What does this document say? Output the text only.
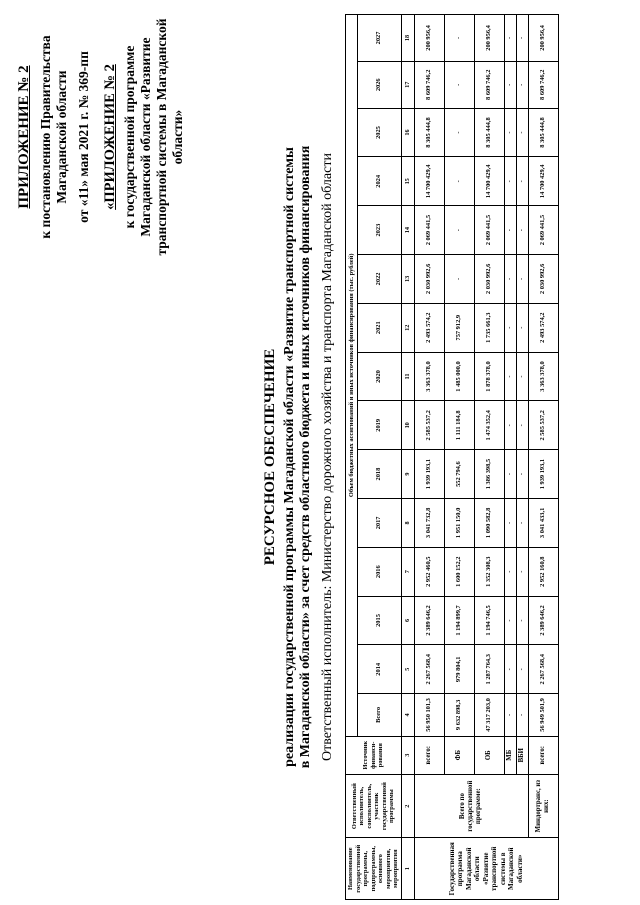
ПРИЛОЖЕНИЕ № 2 к постановлению Правительства Магаданской области от «11» мая 2021 г. № 369-пп «ПРИЛОЖЕНИЕ № 2 к государственной программе Магаданской области «Развитие транспортной системы в Магаданской области»
РЕСУРСНОЕ ОБЕСПЕЧЕНИЕ реализации государственной программы Магаданской области «Развитие транспортной системы в Магаданской области» за счет средств областного бюджета и иных источников финансирования Ответственный исполнитель: Министерство дорожного хозяйства и транспорта Магаданской области
Наименование государственной программы, подпрограммы, основного мероприятия, мероприятия	Ответственный исполнитель, соисполнитель, участник государственной программы	Источник финанси-рования	Объем бюджетных ассигнований и иных источников финансирования (тыс. рублей)														
			Всего	2014	2015	2016	2017	2018	2019	2020	2021	2022	2023	2024	2025	2026	2027
1	2	3	4	5	6	7	8	9	10	11	12	13	14	15	16	17	18
Государственная программа Магаданской области «Развитие транспортной системы в Магаданской области»	Всего по государственной программе:	всего:	56 950 101,3	2 267 568,4	2 389 646,2	2 952 460,5	3 041 732,8	1 939 193,1	2 585 537,2	3 363 378,0	2 493 574,2	2 030 992,6	2 069 441,5	14 700 429,4	8 305 444,8	8 609 746,2	200 956,4
		ФБ	9 632 898,3	979 804,1	1 194 899,7	1 600 152,2	1 951 150,0	552 794,6	1 111 184,8	1 485 000,0	757 912,9	-	-	-	-	-	-
		ОБ	47 317 203,0	1 287 764,3	1 194 746,5	1 352 308,3	1 090 582,8	1 386 398,5	1 474 352,4	1 878 378,0	1 735 661,3	2 030 992,6	2 069 441,5	14 700 429,4	8 305 444,8	8 609 746,2	200 956,4
		МБ	-	-	-	-	-	-	-	-	-	-	-	-	-	-	-
		ВБИ	-	-	-	-	-	-	-	-	-	-	-	-	-	-	-
	Миндортранс, из них:	всего:	56 949 501,9	2 267 568,4	2 389 646,2	2 952 160,8	3 041 433,1	1 939 193,1	2 585 537,2	3 363 378,0	2 493 574,2	2 030 992,6	2 069 441,5	14 700 429,4	8 305 444,8	8 609 746,2	200 956,4
